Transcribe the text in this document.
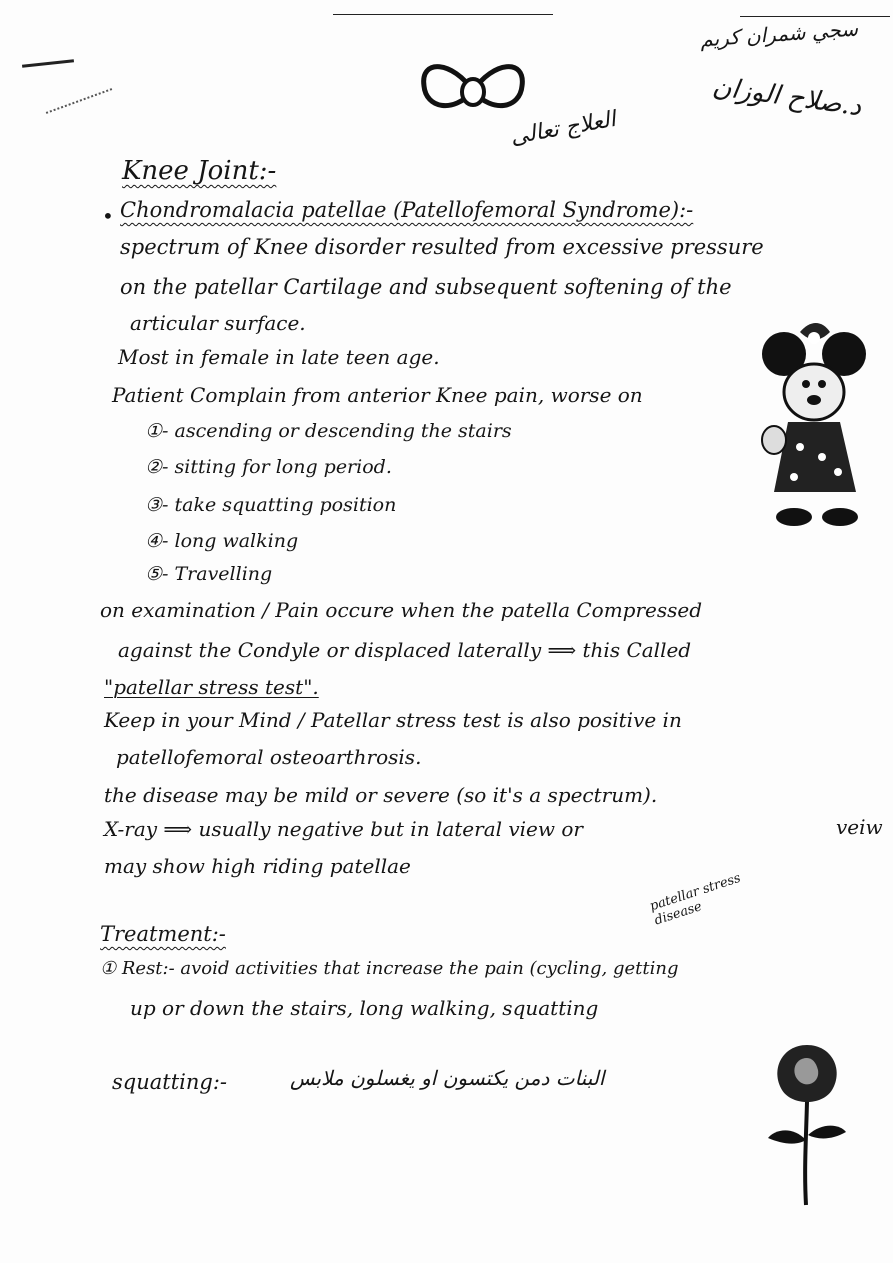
سجي شمران كريم
د.صلاح الوزان
العلاج تعالى
Knee Joint:-
• Chondromalacia patellae (Patellofemoral Syndrome):-
spectrum of Knee disorder resulted from excessive pressure
on the patellar Cartilage and subsequent softening of the
articular surface.
Most in female in late teen age.
Patient Complain from anterior Knee pain, worse on
①- ascending or descending the stairs
②- sitting for long period.
③- take squatting position
④- long walking
⑤- Travelling
on examination / Pain occure when the patella Compressed
against the Condyle or displaced laterally ⟹ this Called
"patellar stress test".
Keep in your Mind / Patellar stress test is also positive in
patellofemoral osteoarthrosis.
the disease may be mild or severe (so it's a spectrum).
X-ray ⟹ usually negative but in lateral view or	veiw
may show high riding patellae
patellar stress disease
Treatment:-
① Rest:- avoid activities that increase the pain (cycling, getting
up or down the stairs, long walking, squatting
squatting:-	البنات دمن يكتسون او يغسلون ملابس
